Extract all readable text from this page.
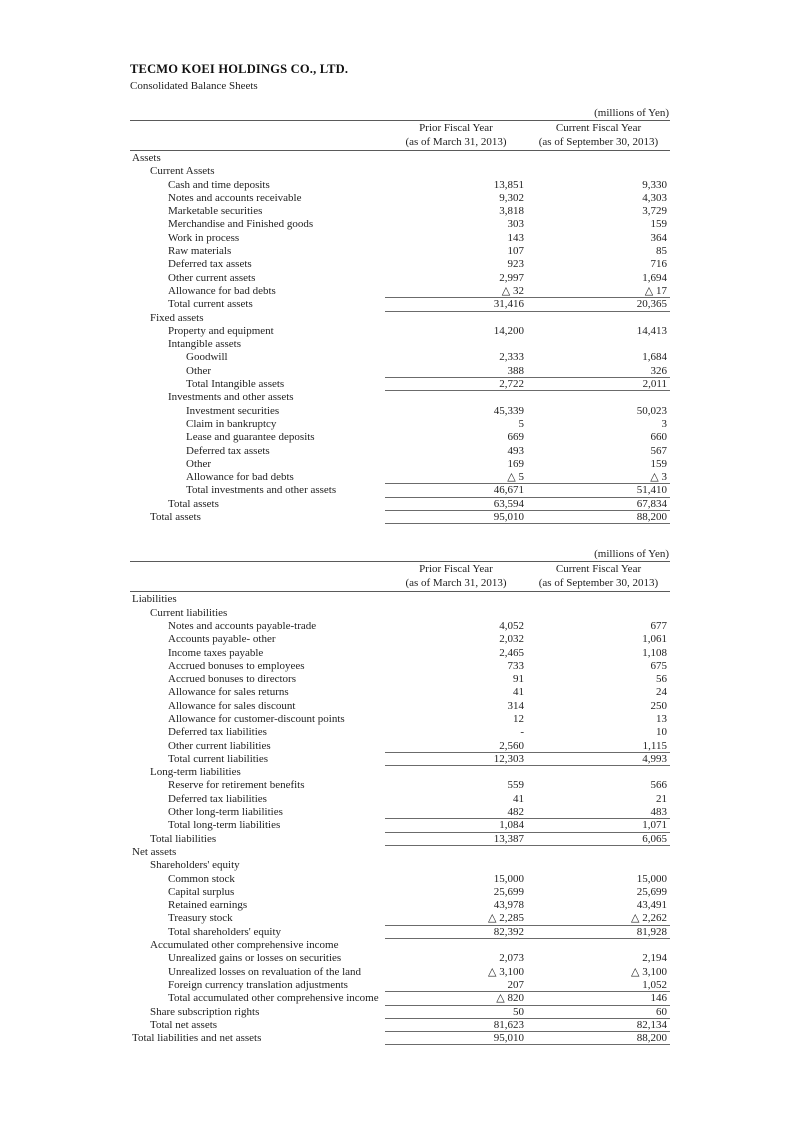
TECMO KOEI HOLDINGS CO., LTD.
Consolidated Balance Sheets
(millions of Yen)
Prior Fiscal Year	Current Fiscal Year
(as of March 31, 2013)	(as of September 30, 2013)
Assets
Current Assets
Cash and time deposits	13,851	9,330
Notes and accounts receivable	9,302	4,303
Marketable securities	3,818	3,729
Merchandise and Finished goods	303	159
Work in process	143	364
Raw materials	107	85
Deferred tax assets	923	716
Other current assets	2,997	1,694
Allowance for bad debts	△ 32	△ 17
Total current assets	31,416	20,365
Fixed assets
Property and equipment	14,200	14,413
Intangible assets
Goodwill	2,333	1,684
Other	388	326
Total Intangible assets	2,722	2,011
Investments and other assets
Investment securities	45,339	50,023
Claim in bankruptcy	5	3
Lease and guarantee deposits	669	660
Deferred tax assets	493	567
Other	169	159
Allowance for bad debts	△ 5	△ 3
Total investments and other assets	46,671	51,410
Total assets	63,594	67,834
Total assets	95,010	88,200
(millions of Yen)
Prior Fiscal Year	Current Fiscal Year
(as of March 31, 2013)	(as of September 30, 2013)
Liabilities
Current liabilities
Notes and accounts payable-trade	4,052	677
Accounts payable- other	2,032	1,061
Income taxes payable	2,465	1,108
Accrued bonuses to employees	733	675
Accrued bonuses to directors	91	56
Allowance for sales returns	41	24
Allowance for sales discount	314	250
Allowance for customer-discount points	12	13
Deferred tax liabilities	-	10
Other current liabilities	2,560	1,115
Total current liabilities	12,303	4,993
Long-term liabilities
Reserve for retirement benefits	559	566
Deferred tax liabilities	41	21
Other long-term liabilities	482	483
Total long-term liabilities	1,084	1,071
Total liabilities	13,387	6,065
Net assets
Shareholders' equity
Common stock	15,000	15,000
Capital surplus	25,699	25,699
Retained earnings	43,978	43,491
Treasury stock	△ 2,285	△ 2,262
Total shareholders' equity	82,392	81,928
Accumulated other comprehensive income
Unrealized gains or losses on securities	2,073	2,194
Unrealized losses on revaluation of the land	△ 3,100	△ 3,100
Foreign currency translation adjustments	207	1,052
Total accumulated other comprehensive income	△ 820	146
Share subscription rights	50	60
Total net assets	81,623	82,134
Total liabilities and net assets	95,010	88,200
